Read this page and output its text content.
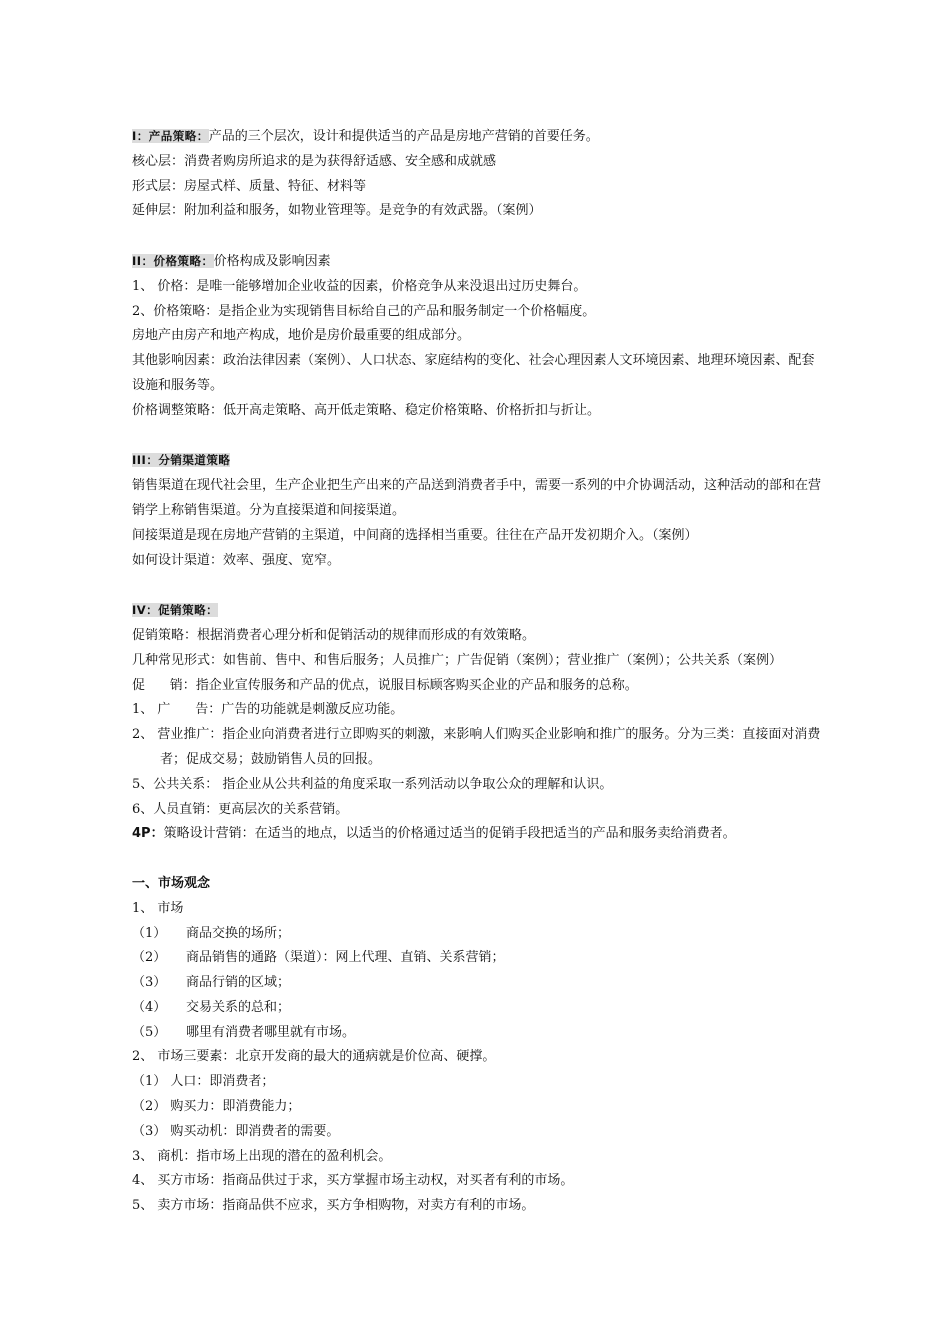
I：产品策略：产品的三个层次，设计和提供适当的产品是房地产营销的首要任务。
核心层：消费者购房所追求的是为获得舒适感、安全感和成就感
形式层：房屋式样、质量、特征、材料等
延伸层：附加利益和服务，如物业管理等。是竞争的有效武器。（案例）
II：价格策略：价格构成及影响因素
1、 价格：是唯一能够增加企业收益的因素，价格竞争从来没退出过历史舞台。
2、价格策略：是指企业为实现销售目标给自己的产品和服务制定一个价格幅度。
房地产由房产和地产构成，地价是房价最重要的组成部分。
其他影响因素：政治法律因素（案例）、人口状态、家庭结构的变化、社会心理因素人文环境因素、地理环境因素、配套设施和服务等。
价格调整策略：低开高走策略、高开低走策略、稳定价格策略、价格折扣与折让。
III：分销渠道策略
销售渠道在现代社会里，生产企业把生产出来的产品送到消费者手中，需要一系列的中介协调活动，这种活动的部和在营销学上称销售渠道。分为直接渠道和间接渠道。
间接渠道是现在房地产营销的主渠道，中间商的选择相当重要。往往在产品开发初期介入。（案例）
如何设计渠道：效率、强度、宽窄。
IV：促销策略：
促销策略：根据消费者心理分析和促销活动的规律而形成的有效策略。
几种常见形式：如售前、售中、和售后服务；人员推广；广告促销（案例）；营业推广（案例）；公共关系（案例）
促      销：指企业宣传服务和产品的优点，说服目标顾客购买企业的产品和服务的总称。
1、 广      告：广告的功能就是刺激反应功能。
2、 营业推广：指企业向消费者进行立即购买的刺激，来影响人们购买企业影响和推广的服务。分为三类：直接面对消费者；促成交易；鼓励销售人员的回报。
5、公共关系： 指企业从公共利益的角度采取一系列活动以争取公众的理解和认识。
6、人员直销：更高层次的关系营销。
4P：策略设计营销：在适当的地点，以适当的价格通过适当的促销手段把适当的产品和服务卖给消费者。
一、市场观念
1、 市场
（1） 商品交换的场所；
（2） 商品销售的通路（渠道）：网上代理、直销、关系营销；
（3） 商品行销的区域；
（4） 交易关系的总和；
（5） 哪里有消费者哪里就有市场。
2、 市场三要素：北京开发商的最大的通病就是价位高、硬撑。
（1） 人口：即消费者；
（2） 购买力：即消费能力；
（3） 购买动机：即消费者的需要。
3、 商机：指市场上出现的潜在的盈利机会。
4、 买方市场：指商品供过于求，买方掌握市场主动权，对买者有利的市场。
5、 卖方市场：指商品供不应求，买方争相购物，对卖方有利的市场。
